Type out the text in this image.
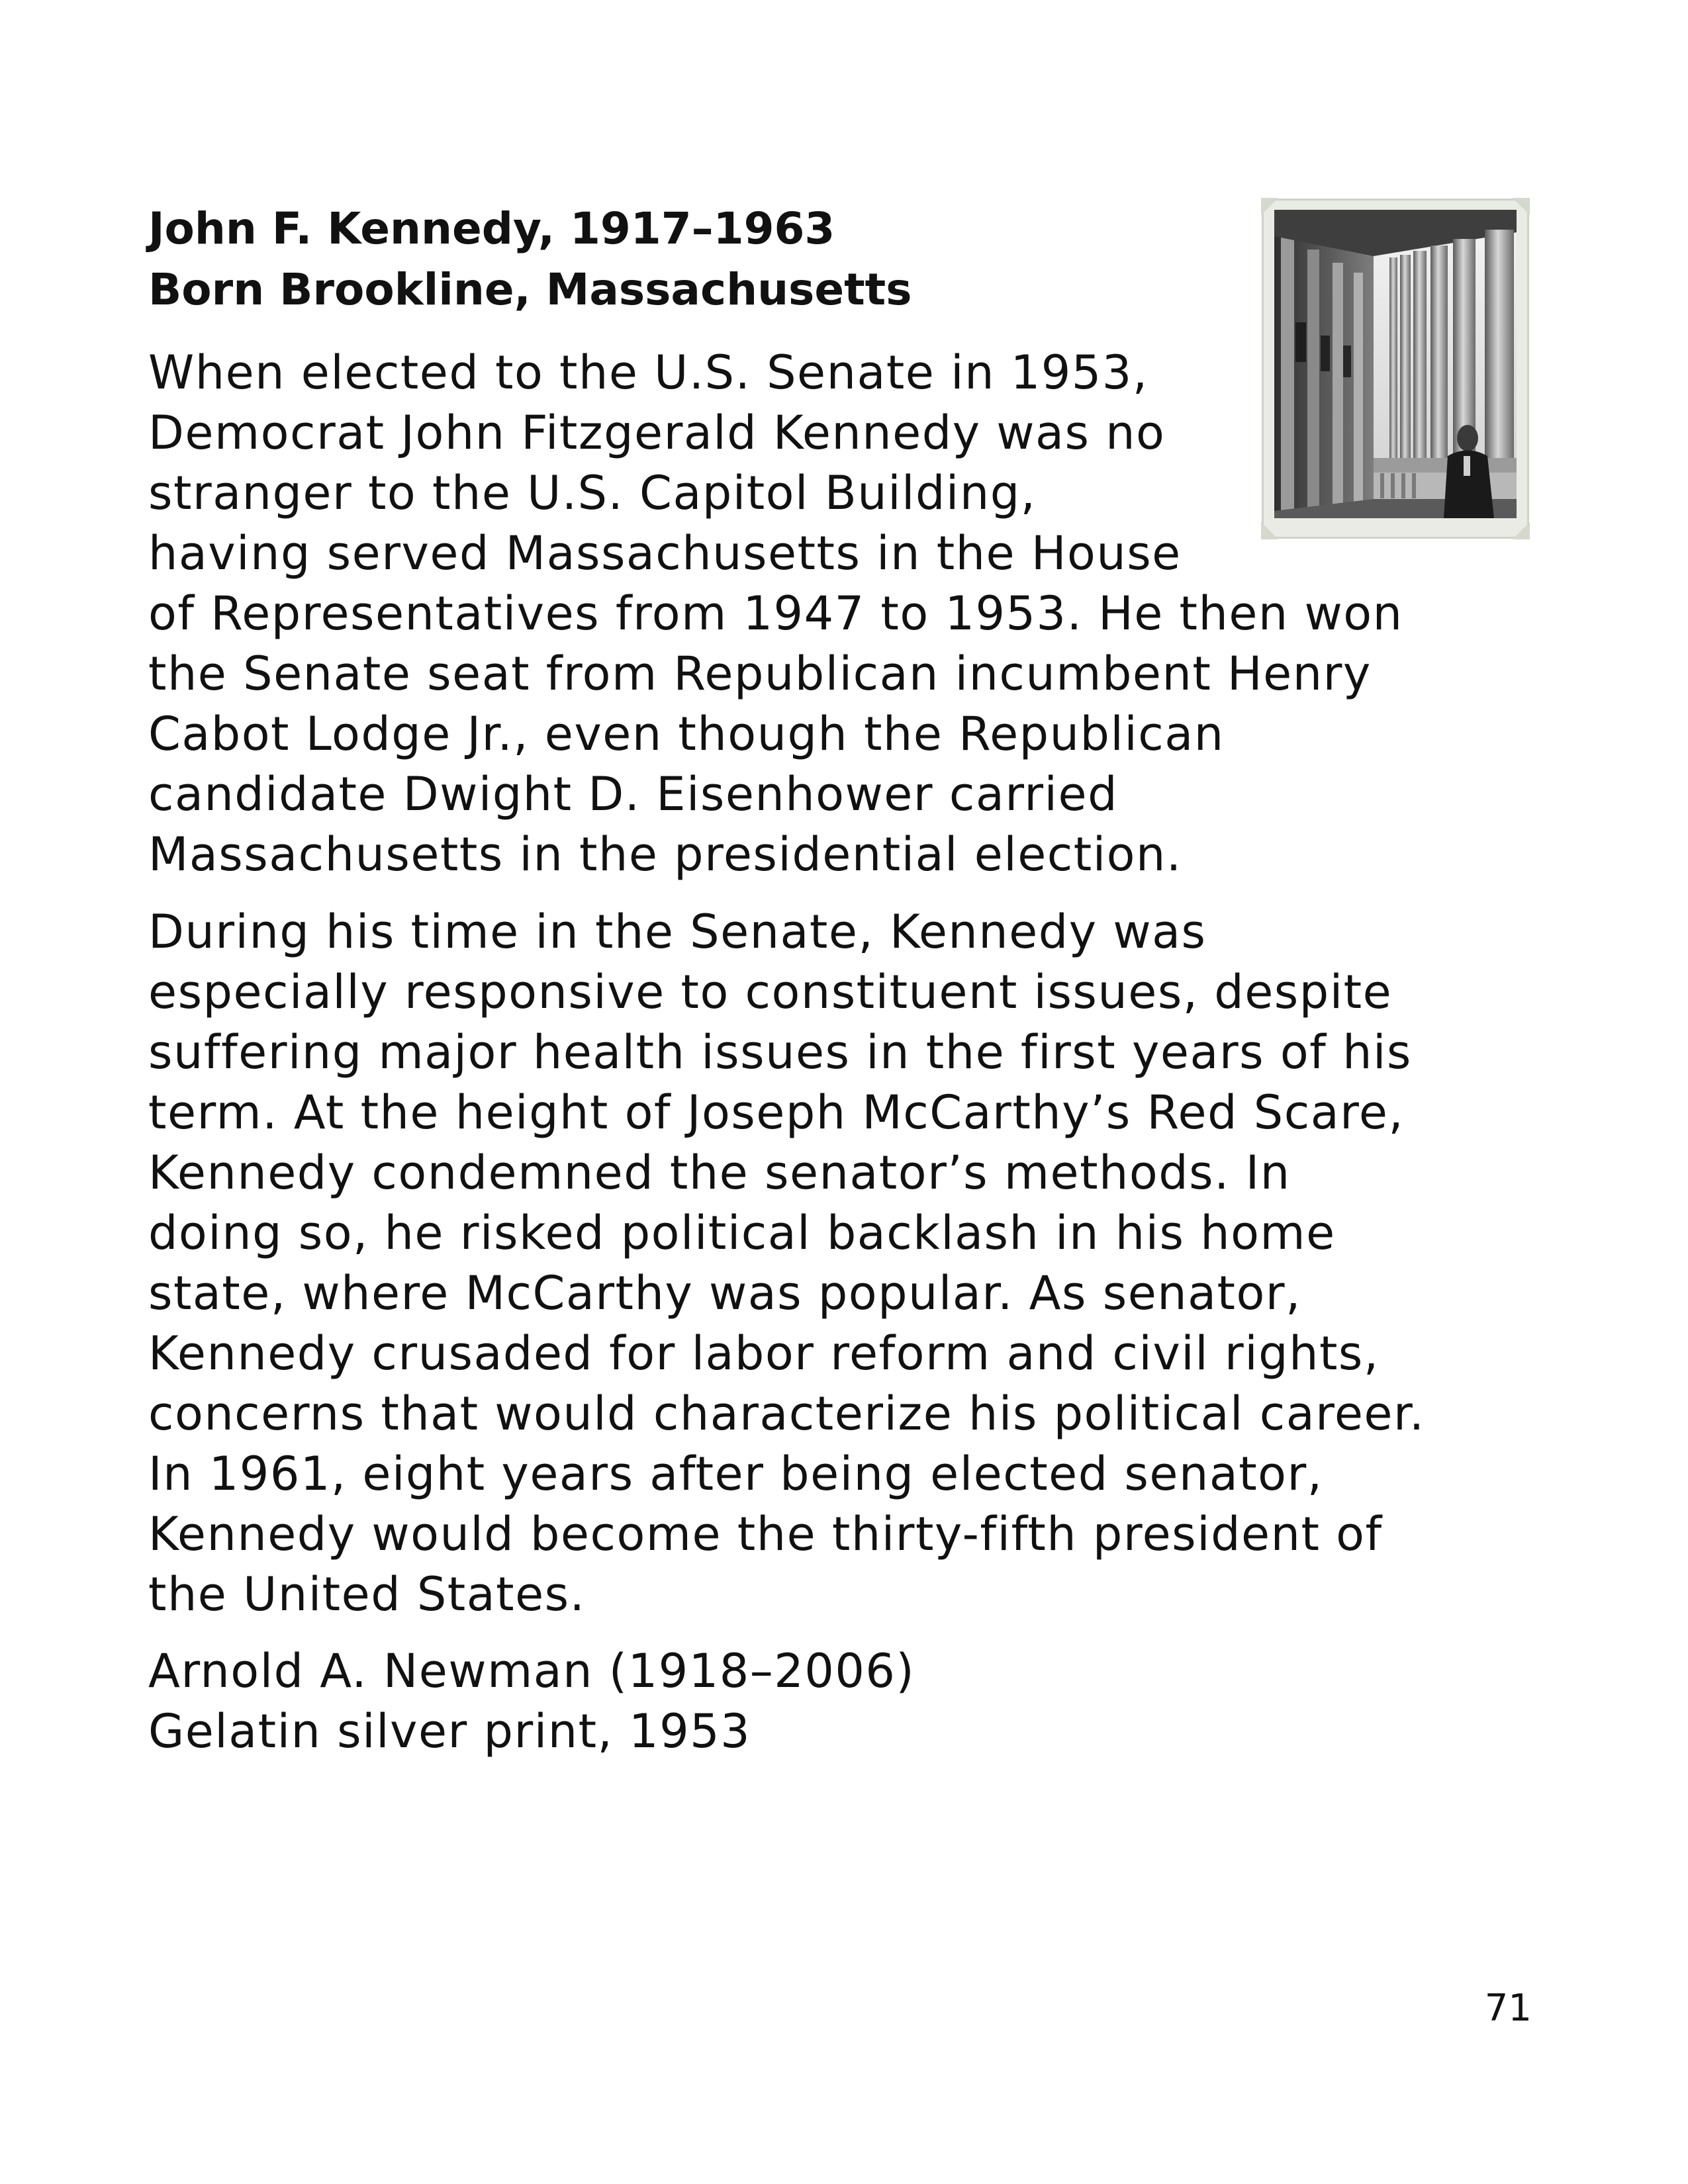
John F. Kennedy, 1917–1963
Born Brookline, Massachusetts

When elected to the U.S. Senate in 1953,
Democrat John Fitzgerald Kennedy was no
stranger to the U.S. Capitol Building,
having served Massachusetts in the House
of Representatives from 1947 to 1953. He then won
the Senate seat from Republican incumbent Henry
Cabot Lodge Jr., even though the Republican
candidate Dwight D. Eisenhower carried
Massachusetts in the presidential election.

During his time in the Senate, Kennedy was
especially responsive to constituent issues, despite
suffering major health issues in the first years of his
term. At the height of Joseph McCarthy’s Red Scare,
Kennedy condemned the senator’s methods. In
doing so, he risked political backlash in his home
state, where McCarthy was popular. As senator,
Kennedy crusaded for labor reform and civil rights,
concerns that would characterize his political career.
In 1961, eight years after being elected senator,
Kennedy would become the thirty-fifth president of
the United States.

Arnold A. Newman (1918–2006)
Gelatin silver print, 1953

71
